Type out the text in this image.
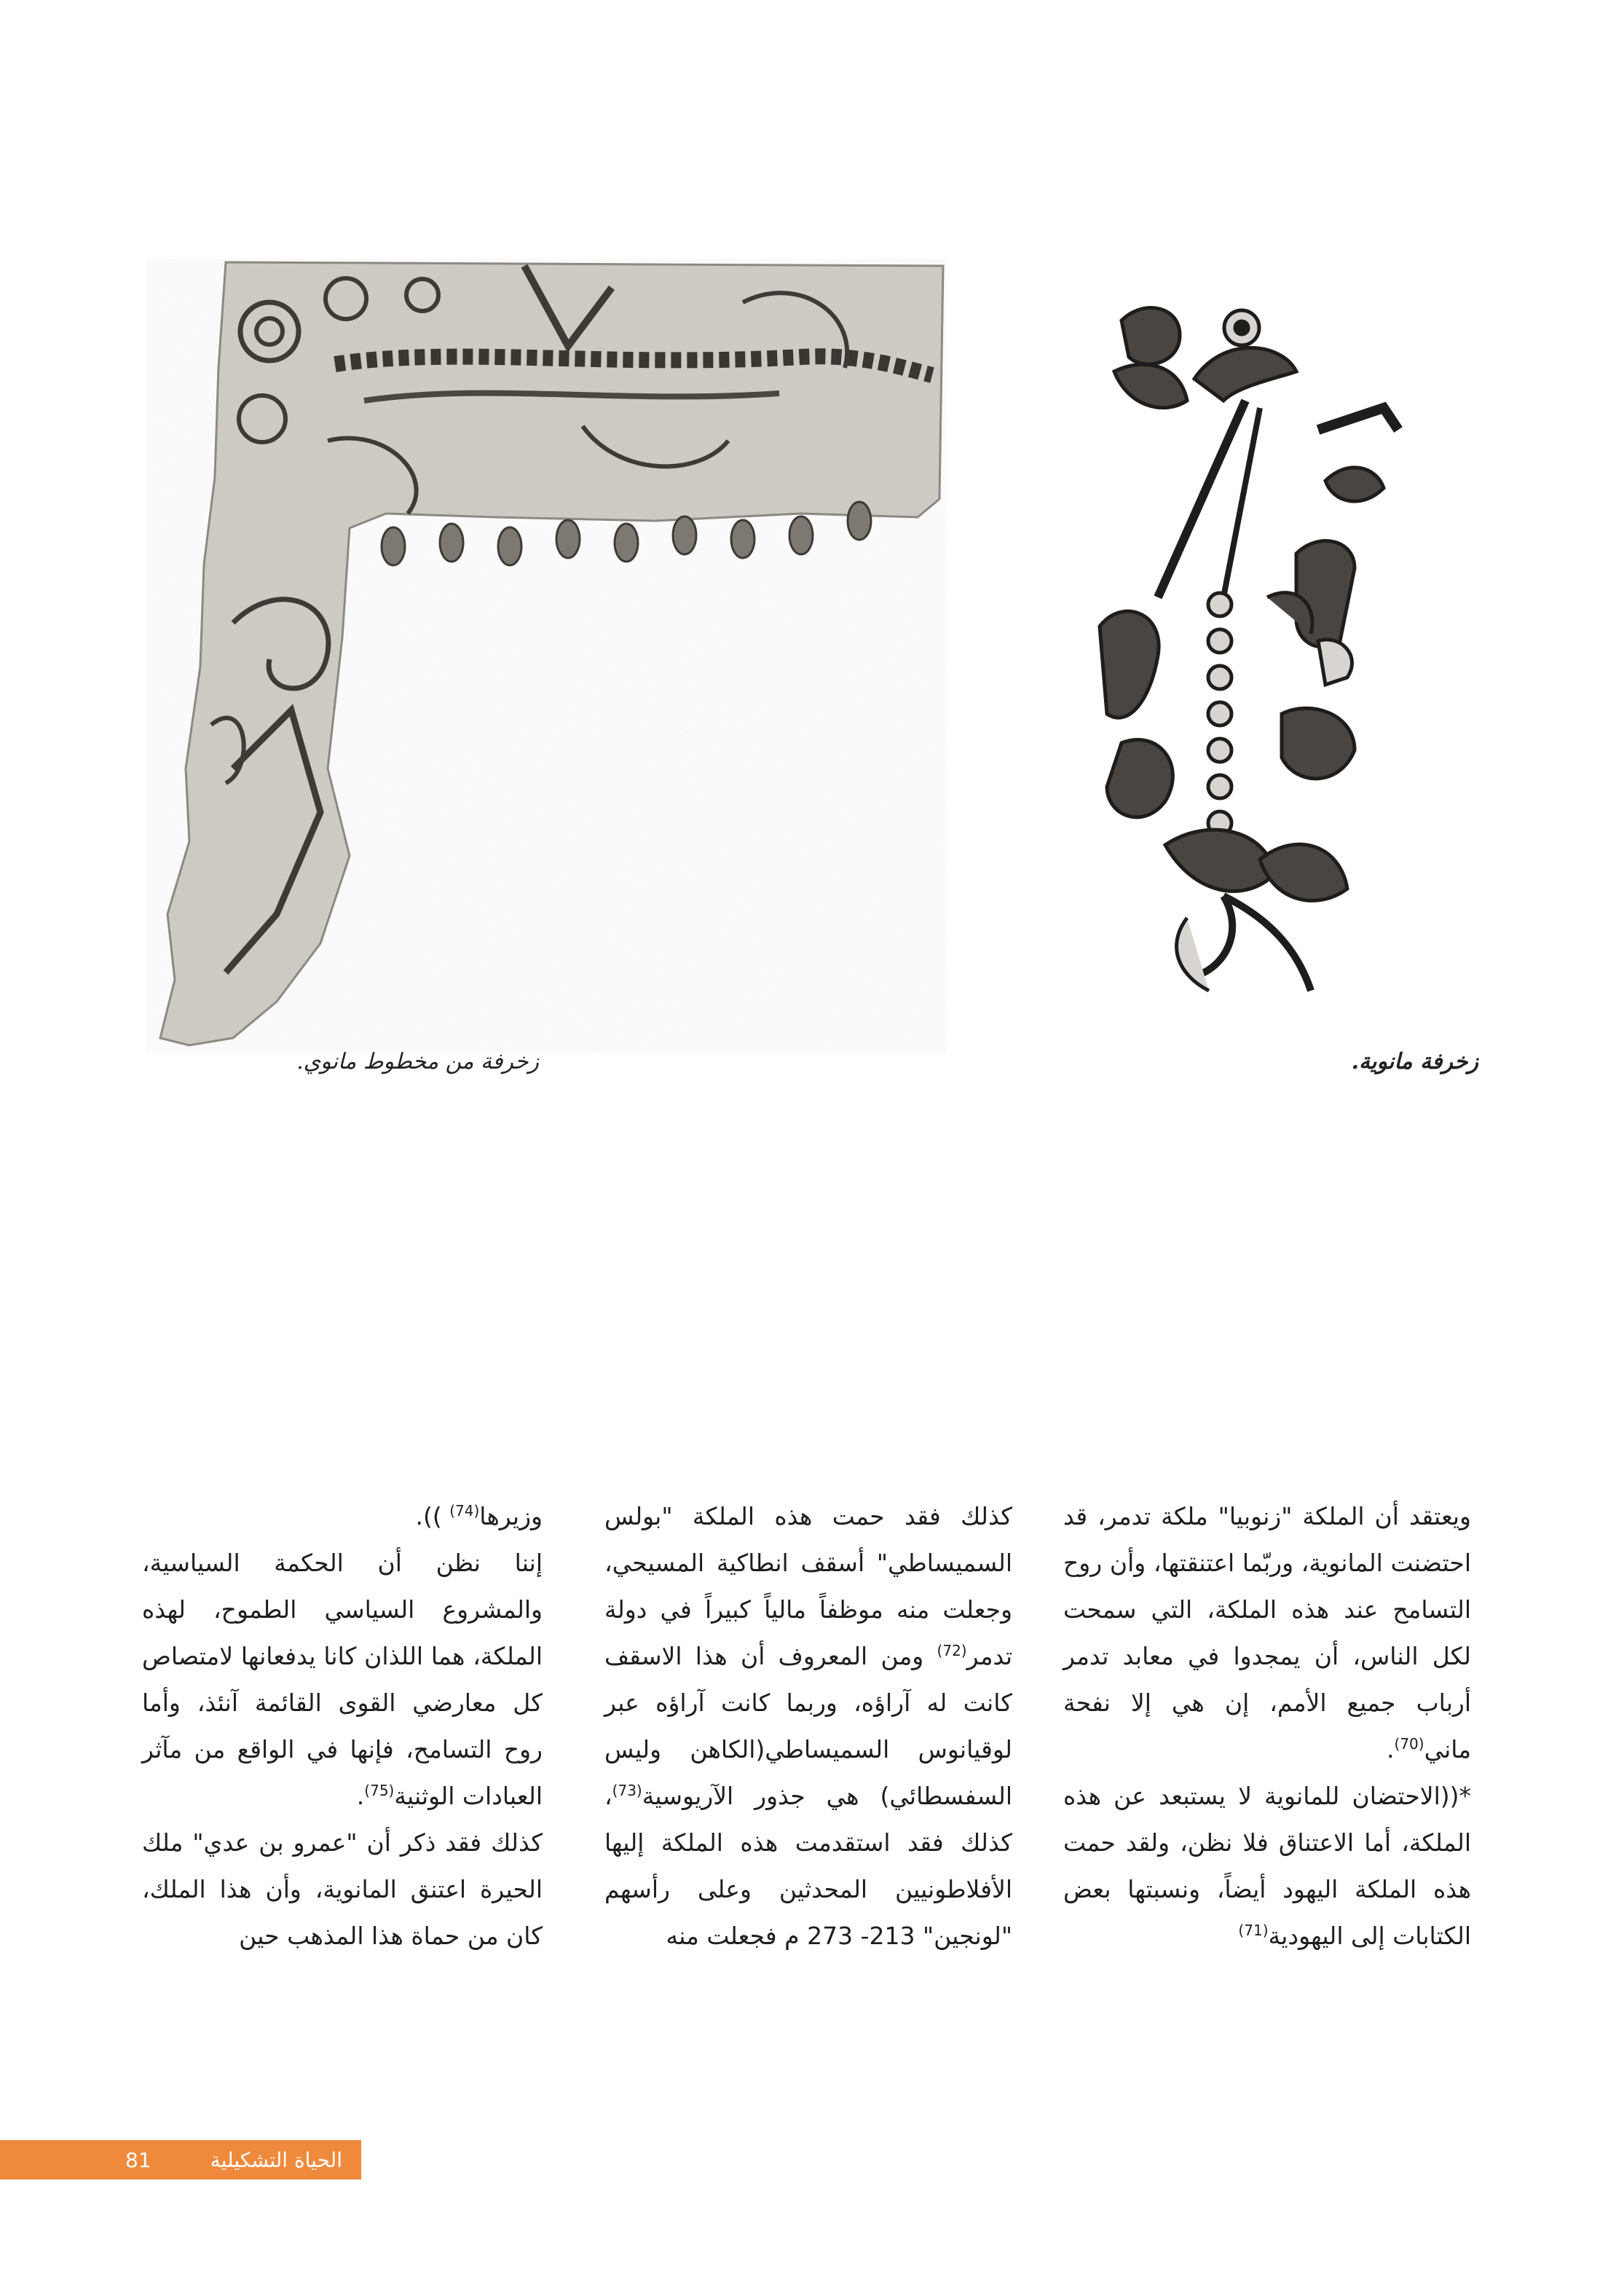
زخرفة من مخطوط مانوي.	زخرفة مانوية.

ويعتقد أن الملكة "زنوبيا" ملكة تدمر، قد احتضنت المانوية، وربّما اعتنقتها، وأن روح التسامح عند هذه الملكة، التي سمحت لكل الناس، أن يمجدوا في معابد تدمر أرباب جميع الأمم، إن هي إلا نفحة ماني$^{(70)}$.

*((الاحتضان للمانوية لا يستبعد عن هذه الملكة، أما الاعتناق فلا نظن، ولقد حمت هذه الملكة اليهود أيضاً، ونسبتها بعض الكتابات إلى اليهودية$^{(71)}$

كذلك فقد حمت هذه الملكة "بولس السميساطي" أسقف انطاكية المسيحي، وجعلت منه موظفاً مالياً كبيراً في دولة تدمر$^{(72)}$ ومن المعروف أن هذا الاسقف كانت له آراؤه، وربما كانت آراؤه عبر لوقيانوس السميساطي(الكاهن وليس السفسطائي) هي جذور الآريوسية$^{(73)}$، كذلك فقد استقدمت هذه الملكة إليها الأفلاطونيين المحدثين وعلى رأسهم "لونجين" 213- 273 م فجعلت منه

وزيرها$^{(74)}$ )).

إننا نظن أن الحكمة السياسية، والمشروع السياسي الطموح، لهذه الملكة، هما اللذان كانا يدفعانها لامتصاص كل معارضي القوى القائمة آنئذ، وأما روح التسامح، فإنها في الواقع من مآثر العبادات الوثنية$^{(75)}$.

كذلك فقد ذكر أن "عمرو بن عدي" ملك الحيرة اعتنق المانوية، وأن هذا الملك، كان من حماة هذا المذهب حين

الحياة التشكيلية
81
